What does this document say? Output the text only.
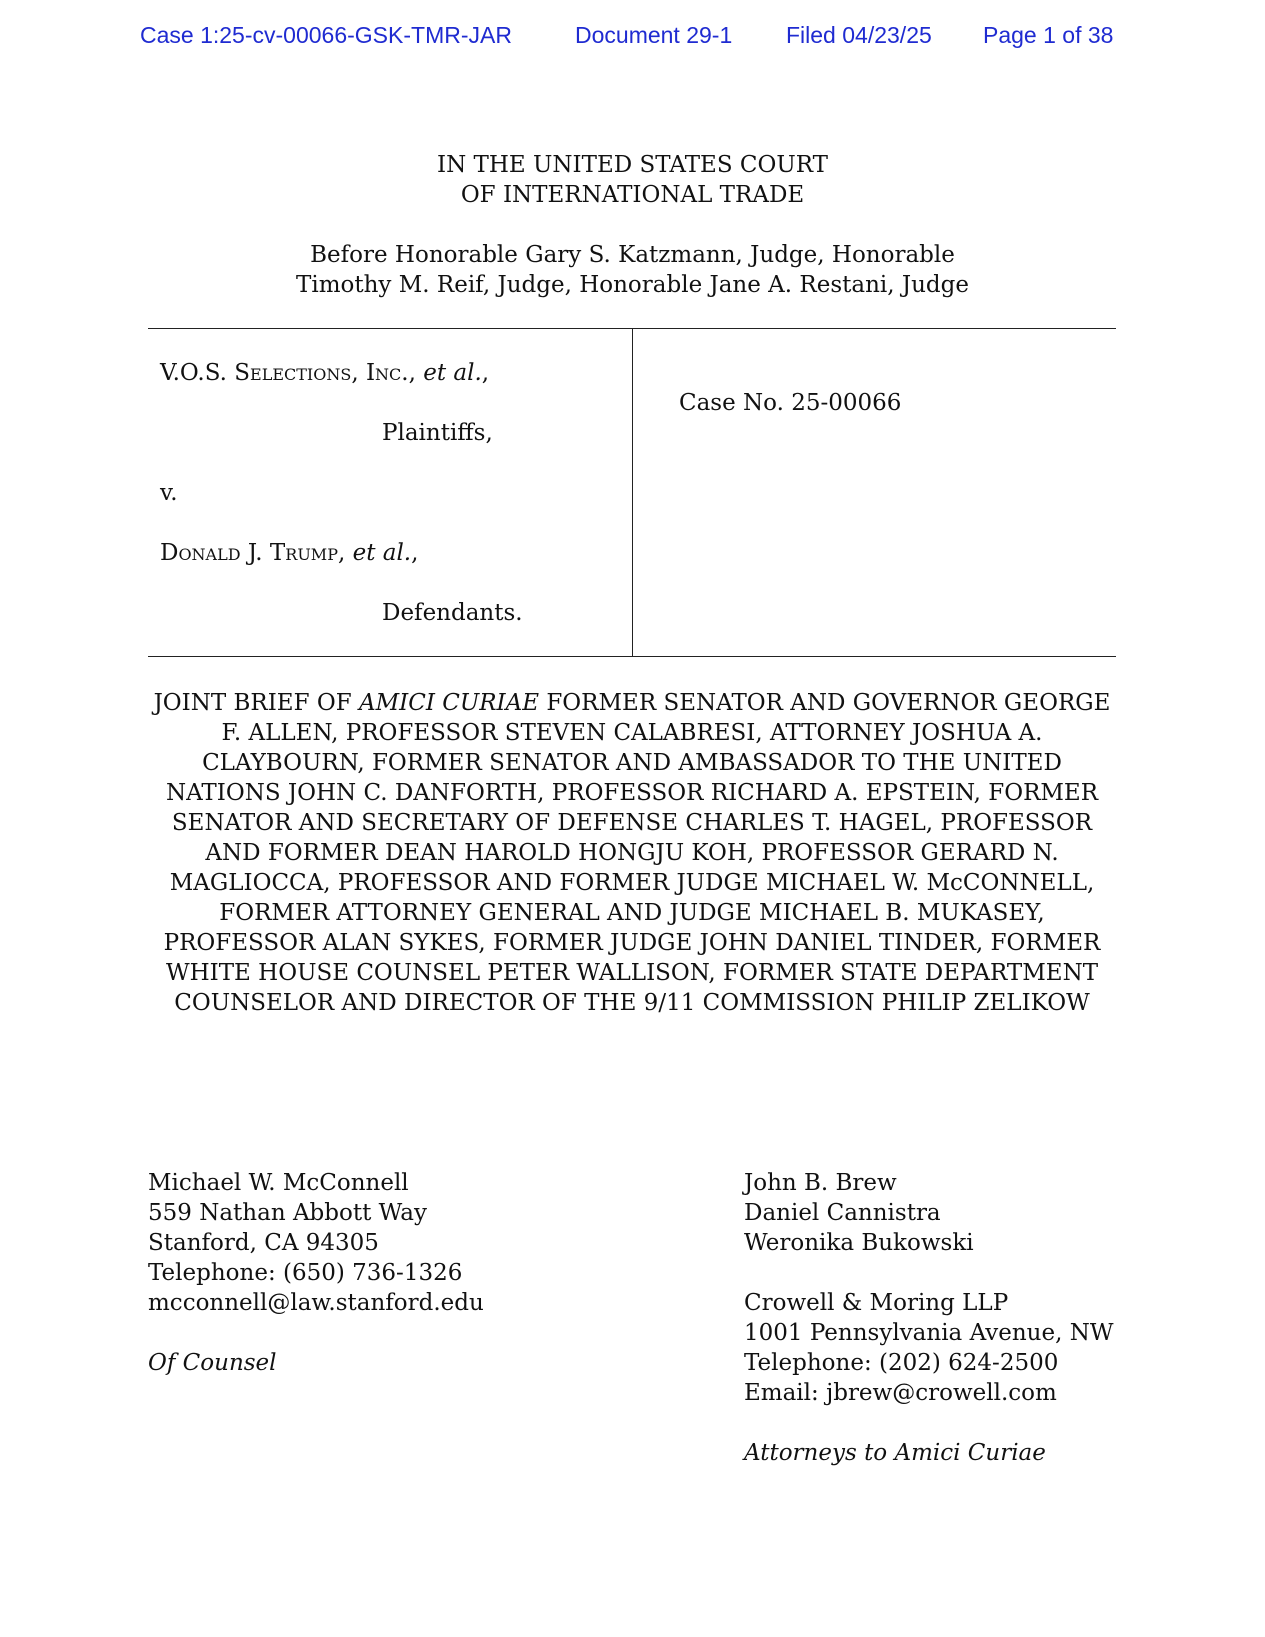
Case 1:25-cv-00066-GSK-TMR-JAR	Document 29-1 Filed 04/23/25 Page 1 of 38
IN THE UNITED STATES COURT
OF INTERNATIONAL TRADE
Before Honorable Gary S. Katzmann, Judge, Honorable
Timothy M. Reif, Judge, Honorable Jane A. Restani, Judge
V.O.S. Selections, Inc., et al.,
Plaintiffs,
v.
Donald J. Trump, et al.,
Defendants.
Case No. 25-00066
JOINT BRIEF OF AMICI CURIAE FORMER SENATOR AND GOVERNOR GEORGE F. ALLEN, PROFESSOR STEVEN CALABRESI, ATTORNEY JOSHUA A. CLAYBOURN, FORMER SENATOR AND AMBASSADOR TO THE UNITED NATIONS JOHN C. DANFORTH, PROFESSOR RICHARD A. EPSTEIN, FORMER SENATOR AND SECRETARY OF DEFENSE CHARLES T. HAGEL, PROFESSOR AND FORMER DEAN HAROLD HONGJU KOH, PROFESSOR GERARD N. MAGLIOCCA, PROFESSOR AND FORMER JUDGE MICHAEL W. McCONNELL, FORMER ATTORNEY GENERAL AND JUDGE MICHAEL B. MUKASEY, PROFESSOR ALAN SYKES, FORMER JUDGE JOHN DANIEL TINDER, FORMER WHITE HOUSE COUNSEL PETER WALLISON, FORMER STATE DEPARTMENT COUNSELOR AND DIRECTOR OF THE 9/11 COMMISSION PHILIP ZELIKOW
Michael W. McConnell
559 Nathan Abbott Way
Stanford, CA 94305
Telephone: (650) 736-1326
mcconnell@law.stanford.edu
Of Counsel
John B. Brew
Daniel Cannistra
Weronika Bukowski
Crowell & Moring LLP
1001 Pennsylvania Avenue, NW
Telephone: (202) 624-2500
Email: jbrew@crowell.com
Attorneys to Amici Curiae
